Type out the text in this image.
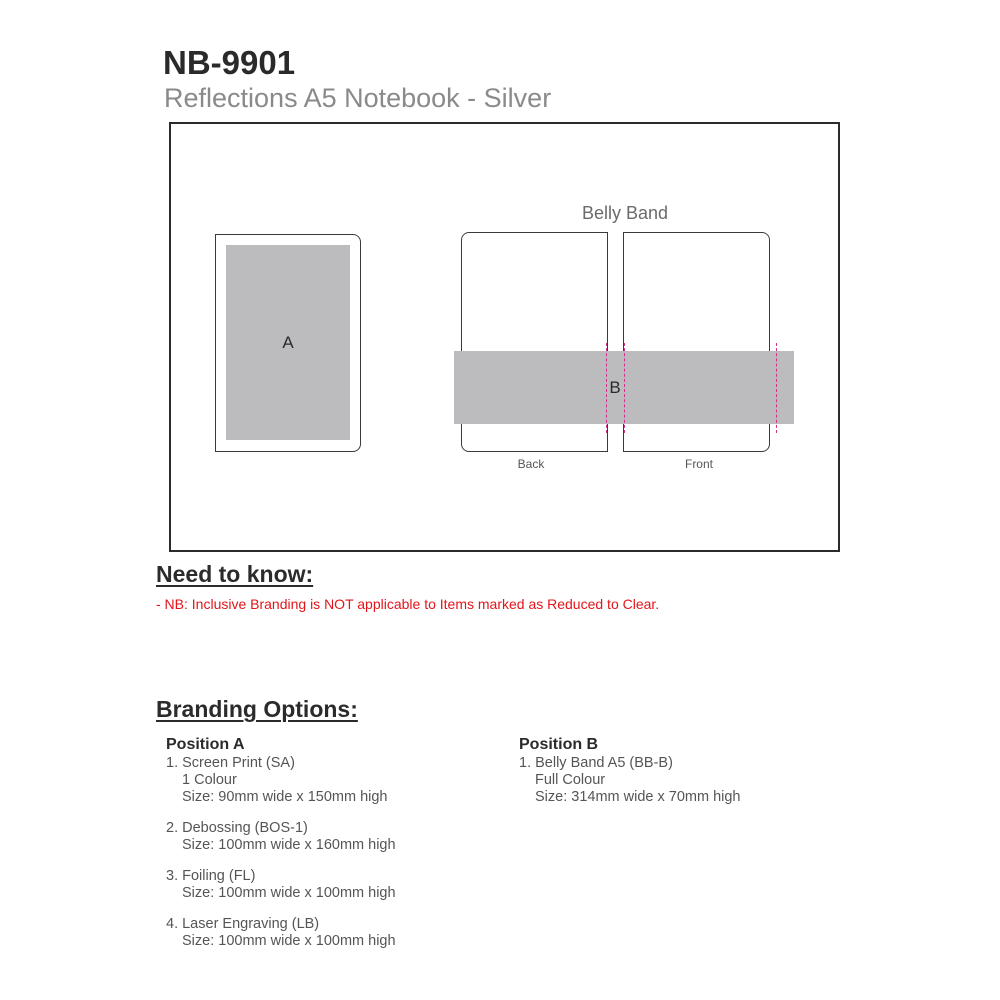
NB-9901
Reflections A5 Notebook - Silver
A
Belly Band
B
Back	Front
Need to know:
- NB: Inclusive Branding is NOT applicable to Items marked as Reduced to Clear.
Branding Options:
Position A
1. Screen Print (SA)
1 Colour
Size: 90mm wide x 150mm high
2. Debossing (BOS-1)
Size: 100mm wide x 160mm high
3. Foiling (FL)
Size: 100mm wide x 100mm high
4. Laser Engraving (LB)
Size: 100mm wide x 100mm high
Position B
1. Belly Band A5 (BB-B)
Full Colour
Size: 314mm wide x 70mm high
